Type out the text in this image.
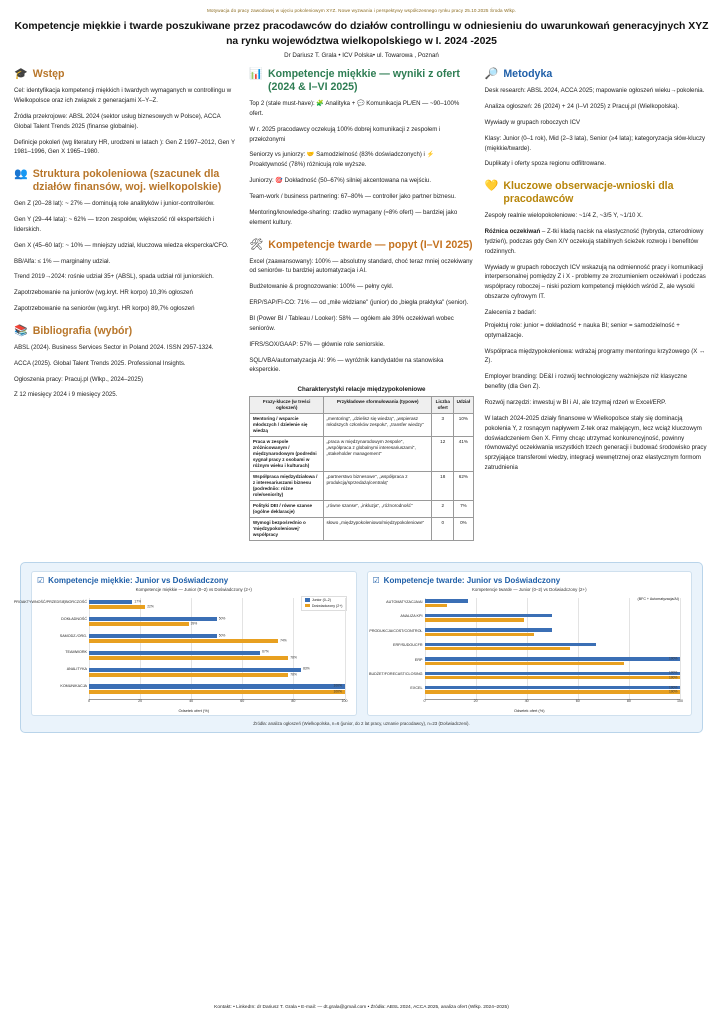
Motywacja do pracy zawodowej w ujęciu pokoleniowym XYZ. Nowe wyzwania i perspektywy współczesnego rynku pracy 25.10.2025 Środa Wlkp.
Kompetencje miękkie i twarde poszukiwane przez pracodawców do działów controllingu w odniesieniu do uwarunkowań generacyjnych XYZ na rynku województwa wielkopolskiego w I. 2024 -2025
Dr Dariusz T. Grala • ICV Polska• ul. Towarowa , Poznań
🎓 Wstęp

Cel: identyfikacja kompetencji miękkich i twardych wymaganych w controllingu w Wielkopolsce oraz ich związek z generacjami X–Y–Z.

Źródła przekrojowe: ABSL 2024 (sektor usług biznesowych w Polsce), ACCA Global Talent Trends 2025 (finanse globalnie).

Definicje pokoleń (wg literatury HR, urodzeni w latach ): Gen Z 1997–2012, Gen Y 1981–1996, Gen X 1965–1980.

👥 Struktura pokoleniowa (szacunek dla działów finansów, woj. wielkopolskie)

Gen Z (20–28 lat): ~ 27% — dominują role analityków i junior-controllerów.

Gen Y (29–44 lata): ~ 62% — trzon zespołów, większość ról ekspertskich i liderskich.

Gen X (45–60 lat): ~ 10% — mniejszy udział, kluczowa wiedza ekspercka/CFO.

BB/Alfa: ≤ 1% — marginalny udział.

Trend 2019→2024: rośnie udział 35+ (ABSL), spada udział ról juniorskich.

Zapotrzebowanie na juniorów (wg.kryt. HR korpo) 10,3% ogłoszeń

Zapotrzebowanie na seniorów (wg.kryt. HR korpo) 89,7% ogłoszeń

📚 Bibliografia (wybór)

ABSL (2024). Business Services Sector in Poland 2024. ISSN 2957-1324.

ACCA (2025). Global Talent Trends 2025. Professional Insights.

Ogłoszenia pracy: Pracuj.pl (Wlkp., 2024–2025)

Z 12 miesięcy 2024 i 9 miesięcy 2025.

📊 Kompetencje miękkie — wyniki z ofert (2024 & I–VI 2025)

Top 2 (stale must-have): 🧩 Analityka + 💬 Komunikacja PL/EN — ~90–100% ofert.

W r. 2025 pracodawcy oczekują 100% dobrej komunikacji z zespołem i przełożonymi

Seniorzy vs juniorzy: 🤝 Samodzielność (83% doświadczonych) i ⚡ Proaktywność (78%) różnicują role wyższe.

Juniorzy: 🎯 Dokładność (50–67%) silniej akcentowana na wejściu.

Team-work / business partnering: 67–80% — controller jako partner biznesu.

Mentoring/knowledge-sharing: rzadko wymagany (≈8% ofert) — bardziej jako element kultury.

🛠 Kompetencje twarde — popyt (I–VI 2025)

Excel (zaawansowany): 100% — absolutny standard, choć teraz mniej oczekiwany od seniorów- tu bardziej automatyzacja i AI.

Budżetowanie & prognozowanie: 100% — pełny cykl.

ERP/SAP/FI-CO: 71% — od „mile widziane" (junior) do „biegła praktyka" (senior).

BI (Power BI / Tableau / Looker): 58% — ogółem ale 39% oczekiwań wobec seniorów.

IFRS/SOX/GAAP: 57% — głównie role seniorskie.

SQL/VBA/automatyzacja AI: 9% — wyróżnik kandydatów na stanowiska eksperckie.

Charakterystyki relacje międzypokoleniowe
Frazy-klucze (w treści ogłoszeń)	Przykładowe sformułowania (typowe)	Liczba ofert	Udział
Mentoring / wsparcie młodszych / dzielenie się wiedzą	„mentoring", „dzielisz się wiedzą", „wspierasz młodszych członków zespołu", „transfer wiedzy"	3	10%
Praca w zespole zróżnicowanym / międzynarodowym (podredni sygnał pracy z osobami w różnym wieku i kulturach)	„praca w międzynarodowym zespole", „współpraca z globalnymi interesariuszami", „stakeholder management"	12	41%
Współpraca międzydziałowa / z interesariuszami biznesu (podredniio: różne role/seniority)	„partnerstwo biznesowe", „współpraca z produkcją/sprzedażą/centralą"	18	62%
Polityki DEI / równe szanse (ogólne deklaracje)	„równe szanse", „inkluzja", „różnorodność"	2	7%
Wymogi bezpośrednio o 'międzypokoleniowej' współpracy	słowo „międzypokoleniowo/międzypokoleniowe"	0	0%
🔎 Metodyka

Desk research: ABSL 2024, ACCA 2025; mapowanie ogłoszeń wieku→pokolenia.

Analiza ogłoszeń: 26 (2024) + 24 (I–VI 2025) z Pracuj.pl (Wielkopolska).

Wywiady w grupach roboczych ICV

Klasy: Junior (0–1 rok), Mid (2–3 lata), Senior (≥4 lata); kategoryzacja słów-kluczy (miękkie/twarde).

Duplikaty i oferty spoza regionu odfiltrowane.

💛 Kluczowe obserwacje-wnioski dla pracodawców

Zespoły realnie wielopokoleniowe: ~1/4 Z, ~3/5 Y, ~1/10 X.

Różnica oczekiwań – Z-tki kładą nacisk na elastyczność (hybryda, czterodniowy tydzień), podczas gdy Gen X/Y oczekują stabilnych ścieżek rozwoju i benefitów rodzinnych.

Wywiady w grupach roboczych ICV wskazują na odmienność pracy i komunikacji interpersonalnej pomiędzy Z i X - problemy ze zrozumieniem oczekiwań i podczas współpracy roboczej – niski poziom kompetencji miękkich wśród Z, ale wysoki obszarze cyfrowym IT.

Zalecenia z badań:

Projektuj role: junior = dokładność + nauka BI; senior = samodzielność + optymalizacje.

Współpraca międzypokoleniowa: wdrażaj programy mentoringu krzyżowego (X ↔ Z).

Employer branding: DE&I i rozwój technologiczny ważniejsze niż klasyczne benefity (dla Gen Z).

Rozwój narzędzi: inwestuj w BI i AI, ale trzymaj rdzeń w Excel/ERP.

W latach 2024-2025 działy finansowe w Wielkopolsce stały się dominacją pokolenia Y, z rosnącym napływem Z-tek oraz malejącym, lecz wciąż kluczowym doświadczeniem Gen X. Firmy chcąc utrzymać konkurencyjność, powinny równoważyć oczekiwania wszystkich trzech generacji i budować środowisko pracy sprzyjające transferowi wiedzy, integracji wewnętrznej oraz elastycznym formom zatrudnienia

☑ Kompetencje miękkie: Junior vs Doświadczony
Kompetencje miękkie — Junior (0–2) vs Doświadczony (2+)
Junior (0–2)
Doświadczony (2+)
PROAKTYWNOŚĆ/PRZEDSIĘBIORCZOŚĆ	17%
22%
DOKŁADNOŚĆ	50%
39%
SAMODZ./ORG.	50%
74%
TEAMWORK	67%
78%
ANALITYKA	83%
78%
KOMUNIKACJA	100%
100%
0	20	40	60	80	100
Odsetek ofert (%)
☑ Kompetencje twarde: Junior vs Doświadczony
Kompetencje twarde — Junior (0–2) vs Doświadczony (2+)
(BFC + Automatyzacja/AI)
AUTOMATYZACJA/AI
ANALIZA KPI
PRODUKCJA/COST/CONTROL
ERP/SUDOUCFR
ERP	100%
BUDŻET/FORECAST/CLOSING	100%
100%
EXCEL	100%
100%
0	20	40	60	80	100
Odsetek ofert (%)
Źródła: analiza ogłoszeń (Wielkopolska, n=6 (junior, do 2 lat pracy, uznanie pracodawcy), n=23 (Doświadczeni).
Kontakt: • LinkedIn: dr Dariusz T. Grala • E-mail: — dt.grala@gmail.com • Źródła: ABSL 2024, ACCA 2025, analiza ofert (Wlkp. 2024–2025)
